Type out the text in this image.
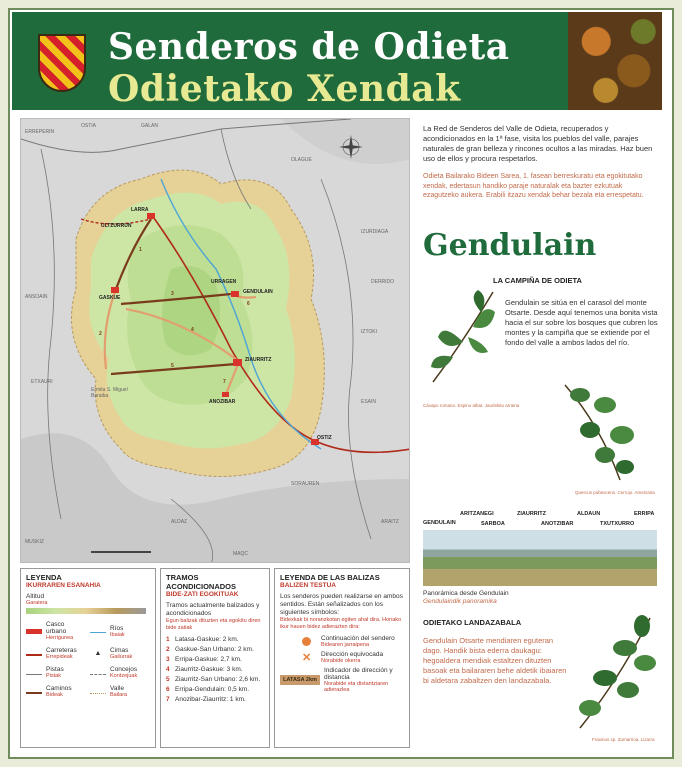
Senderos de Odieta
Odietako Xendak
LARRA
ULTZURRUN
GASKUE
GENDULAIN
URRAGEN
ZIAURRITZ
ANOZIBAR
OSTIZ
Ermita S. Miguel Baraiba
ERREPERIN
MUSKIZ
ANSOAIN
IZURDIAGA
OLAGUE
IZTOKI
ETXAURI
ESAIN
ARAITZ
SORAUREN
DERRIDO
ALDAZ
MAQC
GALAN
OSTIA
1
2
3
4
5
6
7
LEYENDA
IKURRAREN ESANAHIA
Altitud
Garaiera
Casco urbano
Herrigunea
Ríos
Ibaiak
Carreteras
Errepideak
▲	Cimas
Gailurrak
Pistas
Pistak
Concejos
Kontzejuak
Caminos
Bideak
Valle
Bailara
TRAMOS ACONDICIONADOS
BIDE-ZATI EGOKITUAK
Tramos actualmente balizados y acondicionados
Egun balizak dituzten eta egokitu diren bide zatiak
1 Latasa-Gaskue: 2 km.
2 Gaskue-San Urbano: 2 km.
3 Erripa-Gaskue: 2,7 km.
4 Ziaurritz-Gaskue: 3 km.
5 Ziaurritz-San Urbano: 2,6 km.
6 Erripa-Gendulain: 0,5 km.
7 Anozibar-Ziaurritz: 1 km.
LEYENDA DE LAS BALIZAS
BALIZEN TESTUA
Los senderos pueden realizarse en ambos sentidos. Están señalizados con los siguientes símbolos:
Bidexkak bi noranzkotan egiten ahal dira. Honako ikur hauen bidez adierazten dira:
Continuación del sendero
Bidearen jarraipena
✕ Dirección equivocada
Norabide okerra
LATASA 2km
Indicador de dirección y distancia
Norabide eta distantziaren adierazlea
La Red de Senderos del Valle de Odieta, recuperados y acondicionados en la 1ª fase, visita los pueblos del valle, parajes naturales de gran belleza y rincones ocultos a las miradas. Haz buen uso de ellos y procura respetarlos.
Odieta Bailarako Bideen Sarea, 1. fasean berreskuratu eta egokitutako xendak, edertasun handiko paraje naturalak eta bazter ezkutuak ezagutzeko aukera. Erabili itzazu xendak behar bezala eta errespetatu.
Gendulain
LA CAMPIÑA DE ODIETA
Gendulain se sitúa en el carasol del monte Otsarte. Desde aquí tenemos una bonita vista hacia el sur sobre los bosques que cubren los montes y la campiña que se extiende por el fondo del valle a ambos lados del río.
Cáxapo romano. Espino albar. Jaurlekitu arraina
Quercus pubescens. Cerrojo. Ametzaria
GENDULAIN
ARITZANEGI
SARBOA
ZIAURRITZ
ANOTZIBAR
ALDAUN
TXUTXURRO
ERRIPA
Panorámica desde Gendulain
Gendulaindik panoramika
ODIETAKO LANDAZABALA
Gendulain Otsarte mendiaren eguteran dago. Handik bista ederra daukagu: hegoaldera mendiak estaltzen dituzten basoak eta bailararen behe aldetik ibaiaren bi aldetara zabaltzen den landazabala.
Fraxinus sp. Zumarrioa. Lizarra
